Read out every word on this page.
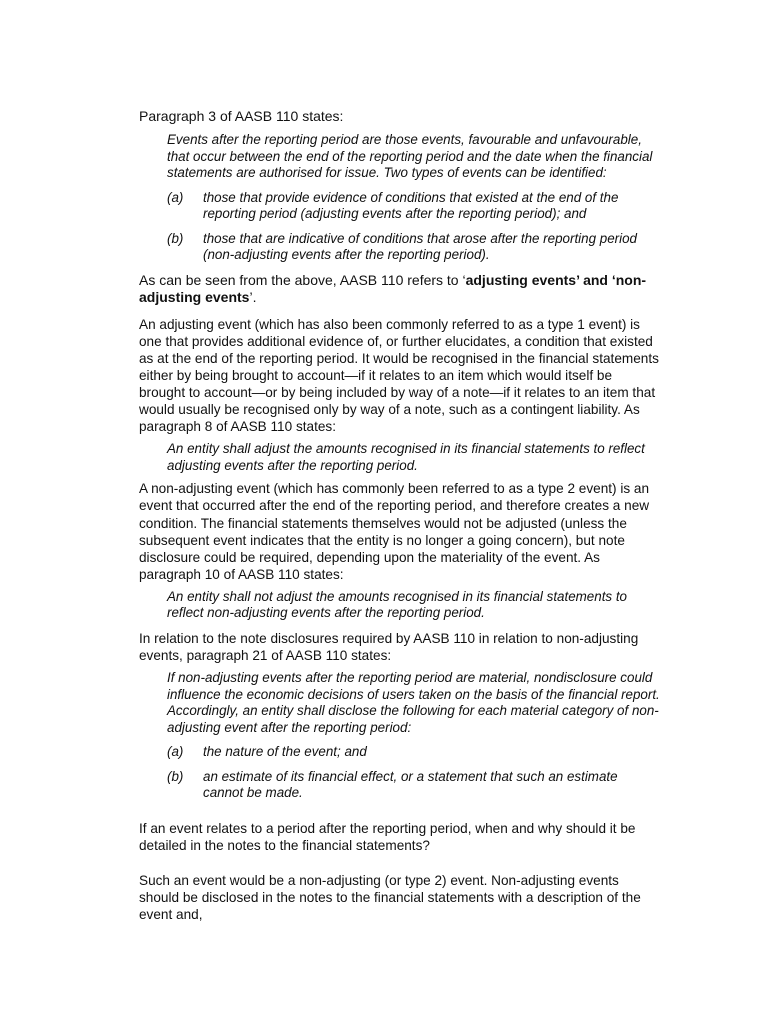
Paragraph 3 of AASB 110 states:

Events after the reporting period are those events, favourable and unfavourable, that occur between the end of the reporting period and the date when the financial statements are authorised for issue. Two types of events can be identified:

(a)	those that provide evidence of conditions that existed at the end of the reporting period (adjusting events after the reporting period); and
(b)	those that are indicative of conditions that arose after the reporting period (non-adjusting events after the reporting period).

As can be seen from the above, AASB 110 refers to ‘adjusting events’ and ‘non-adjusting events’.

An adjusting event (which has also been commonly referred to as a type 1 event) is one that provides additional evidence of, or further elucidates, a condition that existed as at the end of the reporting period. It would be recognised in the financial statements either by being brought to account—if it relates to an item which would itself be brought to account—or by being included by way of a note—if it relates to an item that would usually be recognised only by way of a note, such as a contingent liability. As paragraph 8 of AASB 110 states:

An entity shall adjust the amounts recognised in its financial statements to reflect adjusting events after the reporting period.

A non-adjusting event (which has commonly been referred to as a type 2 event) is an event that occurred after the end of the reporting period, and therefore creates a new condition. The financial statements themselves would not be adjusted (unless the subsequent event indicates that the entity is no longer a going concern), but note disclosure could be required, depending upon the materiality of the event. As paragraph 10 of AASB 110 states:

An entity shall not adjust the amounts recognised in its financial statements to reflect non-adjusting events after the reporting period.

In relation to the note disclosures required by AASB 110 in relation to non-adjusting events, paragraph 21 of AASB 110 states:

If non-adjusting events after the reporting period are material, nondisclosure could influence the economic decisions of users taken on the basis of the financial report. Accordingly, an entity shall disclose the following for each material category of non-adjusting event after the reporting period:

(a)	the nature of the event; and
(b)	an estimate of its financial effect, or a statement that such an estimate cannot be made.

If an event relates to a period after the reporting period, when and why should it be detailed in the notes to the financial statements?

Such an event would be a non-adjusting (or type 2) event. Non-adjusting events should be disclosed in the notes to the financial statements with a description of the event and,
